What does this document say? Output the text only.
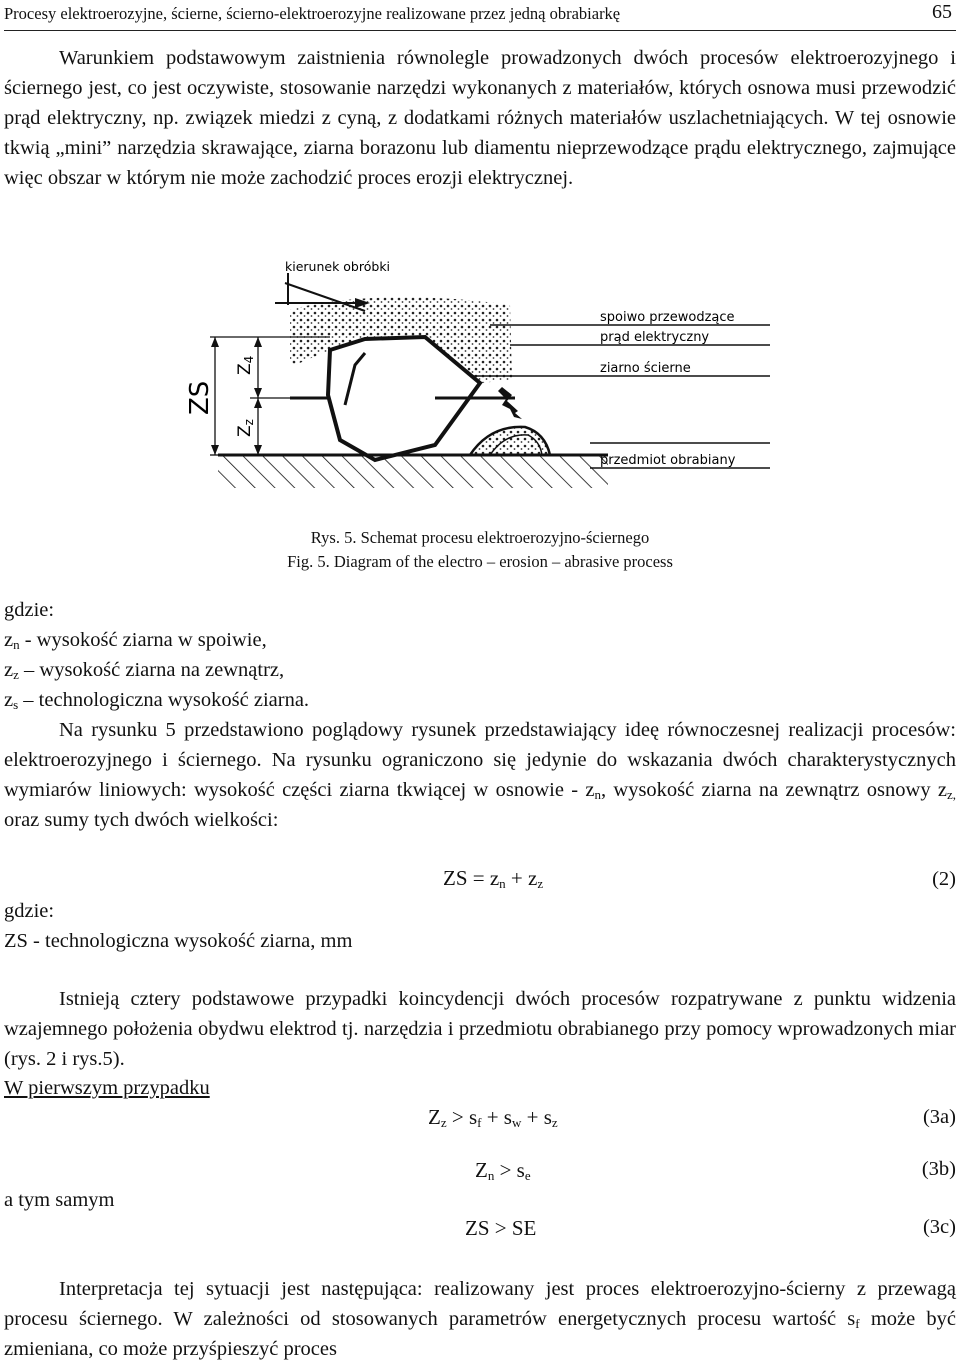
Procesy elektroerozyjne, ścierne, ścierno-elektroerozyjne realizowane przez jedną obrabiarkę	65

Warunkiem podstawowym zaistnienia równolegle prowadzonych dwóch procesów elektroerozyjnego i ściernego jest, co jest oczywiste, stosowanie narzędzi wykonanych z materiałów, których osnowa musi przewodzić prąd elektryczny, np. związek miedzi z cyną, z dodatkami różnych materiałów uszlachetniających. W tej osnowie tkwią „mini” narzędzia skrawające, ziarna borazonu lub diamentu nieprzewodzące prądu elektrycznego, zajmujące więc obszar w którym nie może zachodzić proces erozji elektrycznej.

kierunek obróbki
spoiwo przewodzące
prąd elektryczny
ziarno ścierne
przedmiot obrabiany
ZS
Z4
Zz
Rys. 5. Schemat procesu elektroerozyjno-ściernego
Fig. 5. Diagram of the electro – erosion – abrasive process
gdzie:
$z_n$ - wysokość ziarna w spoiwie,
$z_z$ – wysokość ziarna na zewnątrz,
$z_s$ – technologiczna wysokość ziarna.

Na rysunku 5 przedstawiono poglądowy rysunek przedstawiający ideę równoczesnej realizacji procesów: elektroerozyjnego i ściernego. Na rysunku ograniczono się jedynie do wskazania dwóch charakterystycznych wymiarów liniowych: wysokość części ziarna tkwiącej w osnowie - $z_n$, wysokość ziarna na zewnątrz osnowy $z_{z,}$ oraz sumy tych dwóch wielkości:

ZS = $z_n + z_z$	(2)
gdzie:
ZS - technologiczna wysokość ziarna, mm

Istnieją cztery podstawowe przypadki koincydencji dwóch procesów rozpatrywane z punktu widzenia wzajemnego położenia obydwu elektrod tj. narzędzia i przedmiotu obrabianego przy pomocy wprowadzonych miar (rys. 2 i rys.5).

W pierwszym przypadku
$Z_z > s_f + s_w + s_z$	(3a)
$Z_n > s_e$	(3b)
a tym samym
ZS > SE	(3c)

Interpretacja tej sytuacji jest następująca: realizowany jest proces elektroerozyjno-ścierny z przewagą procesu ściernego. W zależności od stosowanych parametrów energetycznych procesu wartość $s_f$ może być zmieniana, co może przyśpieszyć proces
